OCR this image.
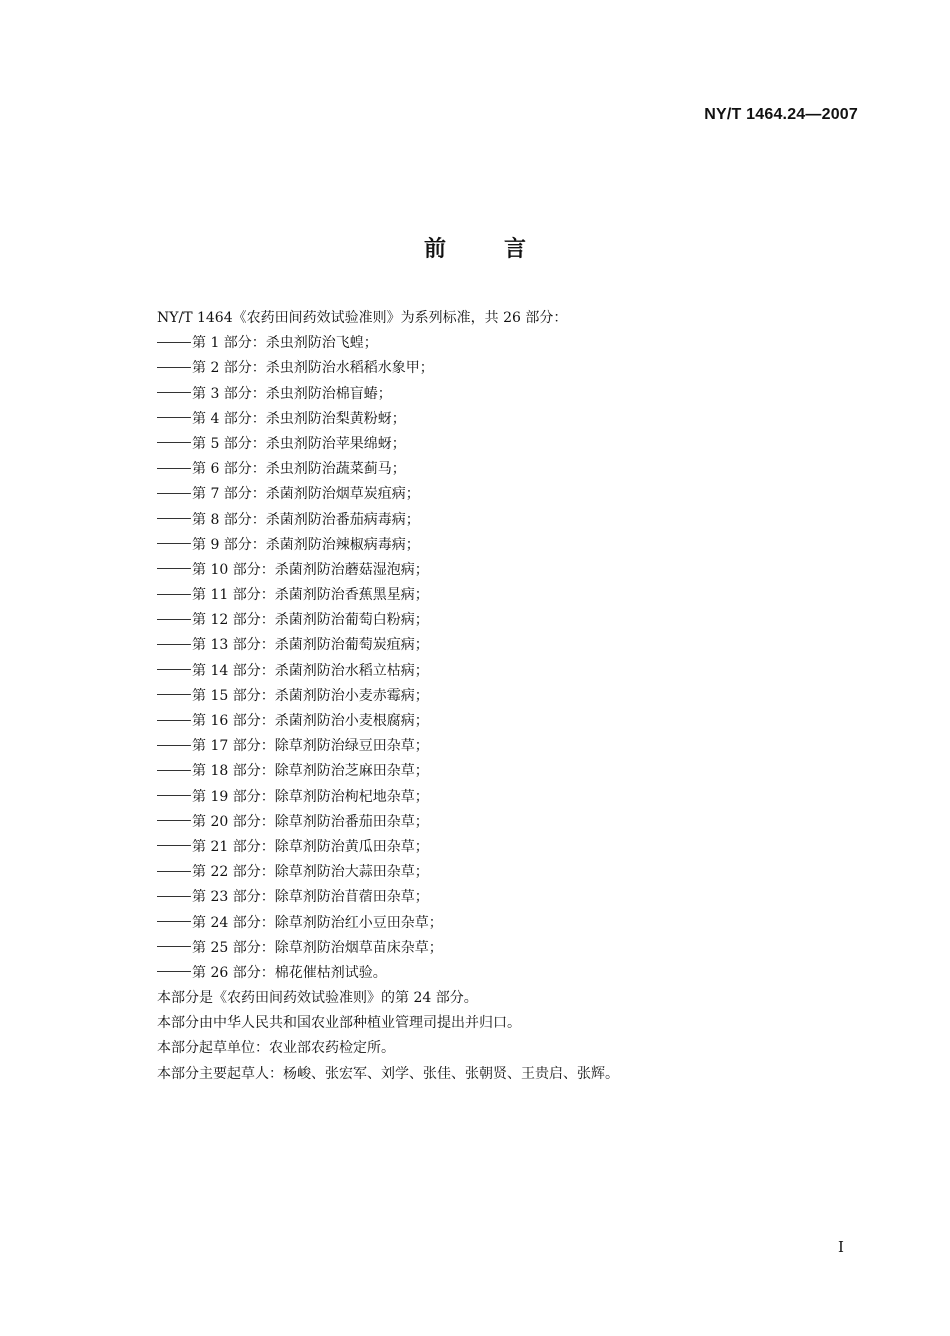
NY/T 1464.24—2007
前	言
NY/T 1464《农药田间药效试验准则》为系列标准，共 26 部分：
第 1 部分：杀虫剂防治飞蝗；
第 2 部分：杀虫剂防治水稻稻水象甲；
第 3 部分：杀虫剂防治棉盲蝽；
第 4 部分：杀虫剂防治梨黄粉蚜；
第 5 部分：杀虫剂防治苹果绵蚜；
第 6 部分：杀虫剂防治蔬菜蓟马；
第 7 部分：杀菌剂防治烟草炭疽病；
第 8 部分：杀菌剂防治番茄病毒病；
第 9 部分：杀菌剂防治辣椒病毒病；
第 10 部分：杀菌剂防治蘑菇湿泡病；
第 11 部分：杀菌剂防治香蕉黑星病；
第 12 部分：杀菌剂防治葡萄白粉病；
第 13 部分：杀菌剂防治葡萄炭疽病；
第 14 部分：杀菌剂防治水稻立枯病；
第 15 部分：杀菌剂防治小麦赤霉病；
第 16 部分：杀菌剂防治小麦根腐病；
第 17 部分：除草剂防治绿豆田杂草；
第 18 部分：除草剂防治芝麻田杂草；
第 19 部分：除草剂防治枸杞地杂草；
第 20 部分：除草剂防治番茄田杂草；
第 21 部分：除草剂防治黄瓜田杂草；
第 22 部分：除草剂防治大蒜田杂草；
第 23 部分：除草剂防治苜蓿田杂草；
第 24 部分：除草剂防治红小豆田杂草；
第 25 部分：除草剂防治烟草苗床杂草；
第 26 部分：棉花催枯剂试验。
本部分是《农药田间药效试验准则》的第 24 部分。
本部分由中华人民共和国农业部种植业管理司提出并归口。
本部分起草单位：农业部农药检定所。
本部分主要起草人：杨峻、张宏军、刘学、张佳、张朝贤、王贵启、张辉。
I
